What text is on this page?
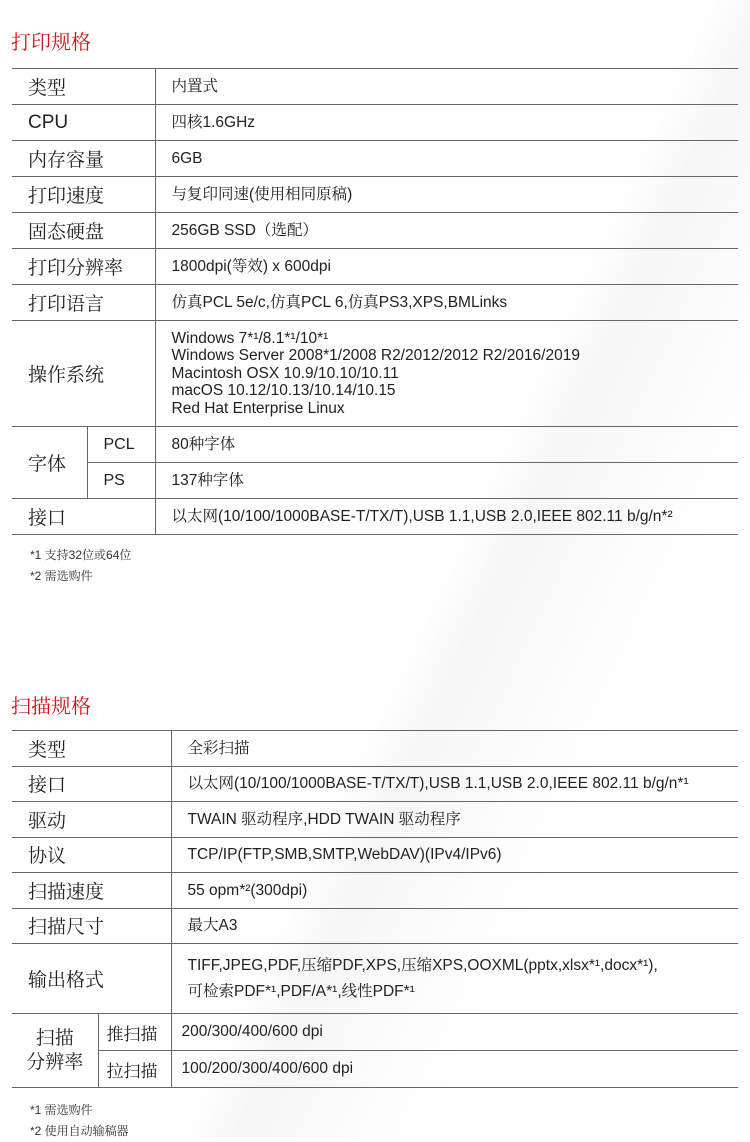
打印规格
类型		内置式
CPU		四核1.6GHz
内存容量		6GB
打印速度		与复印同速(使用相同原稿)
固态硬盘		256GB SSD（选配）
打印分辨率		1800dpi(等效) x 600dpi
打印语言		仿真PCL 5e/c,仿真PCL 6,仿真PS3,XPS,BMLinks
操作系统		Windows 7*¹/8.1*¹/10*¹
Windows Server 2008*1/2008 R2/2012/2012 R2/2016/2019
Macintosh OSX 10.9/10.10/10.11
macOS 10.12/10.13/10.14/10.15
Red Hat Enterprise Linux

字体	PCL	80种字体
	PS	137种字体
接口		以太网(10/100/1000BASE-T/TX/T),USB 1.1,USB 2.0,IEEE 802.11 b/g/n*²
*1 支持32位或64位
*2 需选购件
扫描规格
类型		全彩扫描
接口		以太网(10/100/1000BASE-T/TX/T),USB 1.1,USB 2.0,IEEE 802.11 b/g/n*¹
驱动		TWAIN 驱动程序,HDD TWAIN 驱动程序
协议		TCP/IP(FTP,SMB,SMTP,WebDAV)(IPv4/IPv6)
扫描速度		55 opm*²(300dpi)
扫描尺寸		最大A3
输出格式		TIFF,JPEG,PDF,压缩PDF,XPS,压缩XPS,OOXML(pptx,xlsx*¹,docx*¹),
可检索PDF*¹,PDF/A*¹,线性PDF*¹

扫描
分辨率	推扫描	200/300/400/600 dpi
	拉扫描	100/200/300/400/600 dpi
*1 需选购件
*2 使用自动输稿器
